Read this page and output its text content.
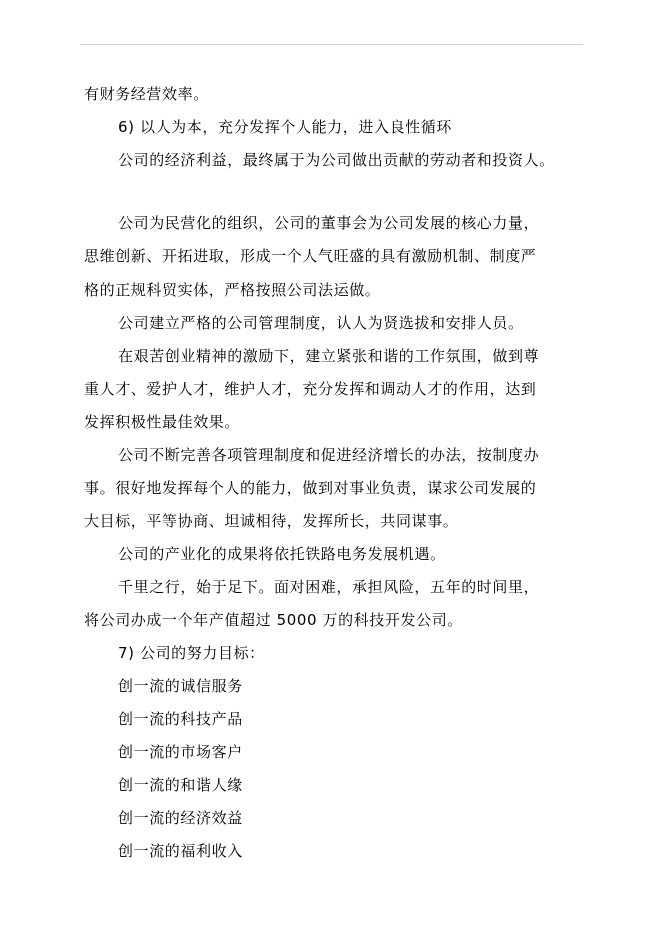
有财务经营效率。
6) 以人为本，充分发挥个人能力，进入良性循环
公司的经济利益，最终属于为公司做出贡献的劳动者和投资人。
公司为民营化的组织，公司的董事会为公司发展的核心力量，
思维创新、开拓进取，形成一个人气旺盛的具有激励机制、制度严
格的正规科贸实体，严格按照公司法运做。
公司建立严格的公司管理制度，认人为贤选拔和安排人员。
在艰苦创业精神的激励下，建立紧张和谐的工作氛围，做到尊
重人才、爱护人才，维护人才，充分发挥和调动人才的作用，达到
发挥积极性最佳效果。
公司不断完善各项管理制度和促进经济增长的办法，按制度办
事。很好地发挥每个人的能力，做到对事业负责，谋求公司发展的
大目标，平等协商、坦诚相待，发挥所长，共同谋事。
公司的产业化的成果将依托铁路电务发展机遇。
千里之行，始于足下。面对困难，承担风险，五年的时间里，
将公司办成一个年产值超过 5000 万的科技开发公司。
7) 公司的努力目标：
创一流的诚信服务
创一流的科技产品
创一流的市场客户
创一流的和谐人缘
创一流的经济效益
创一流的福利收入
